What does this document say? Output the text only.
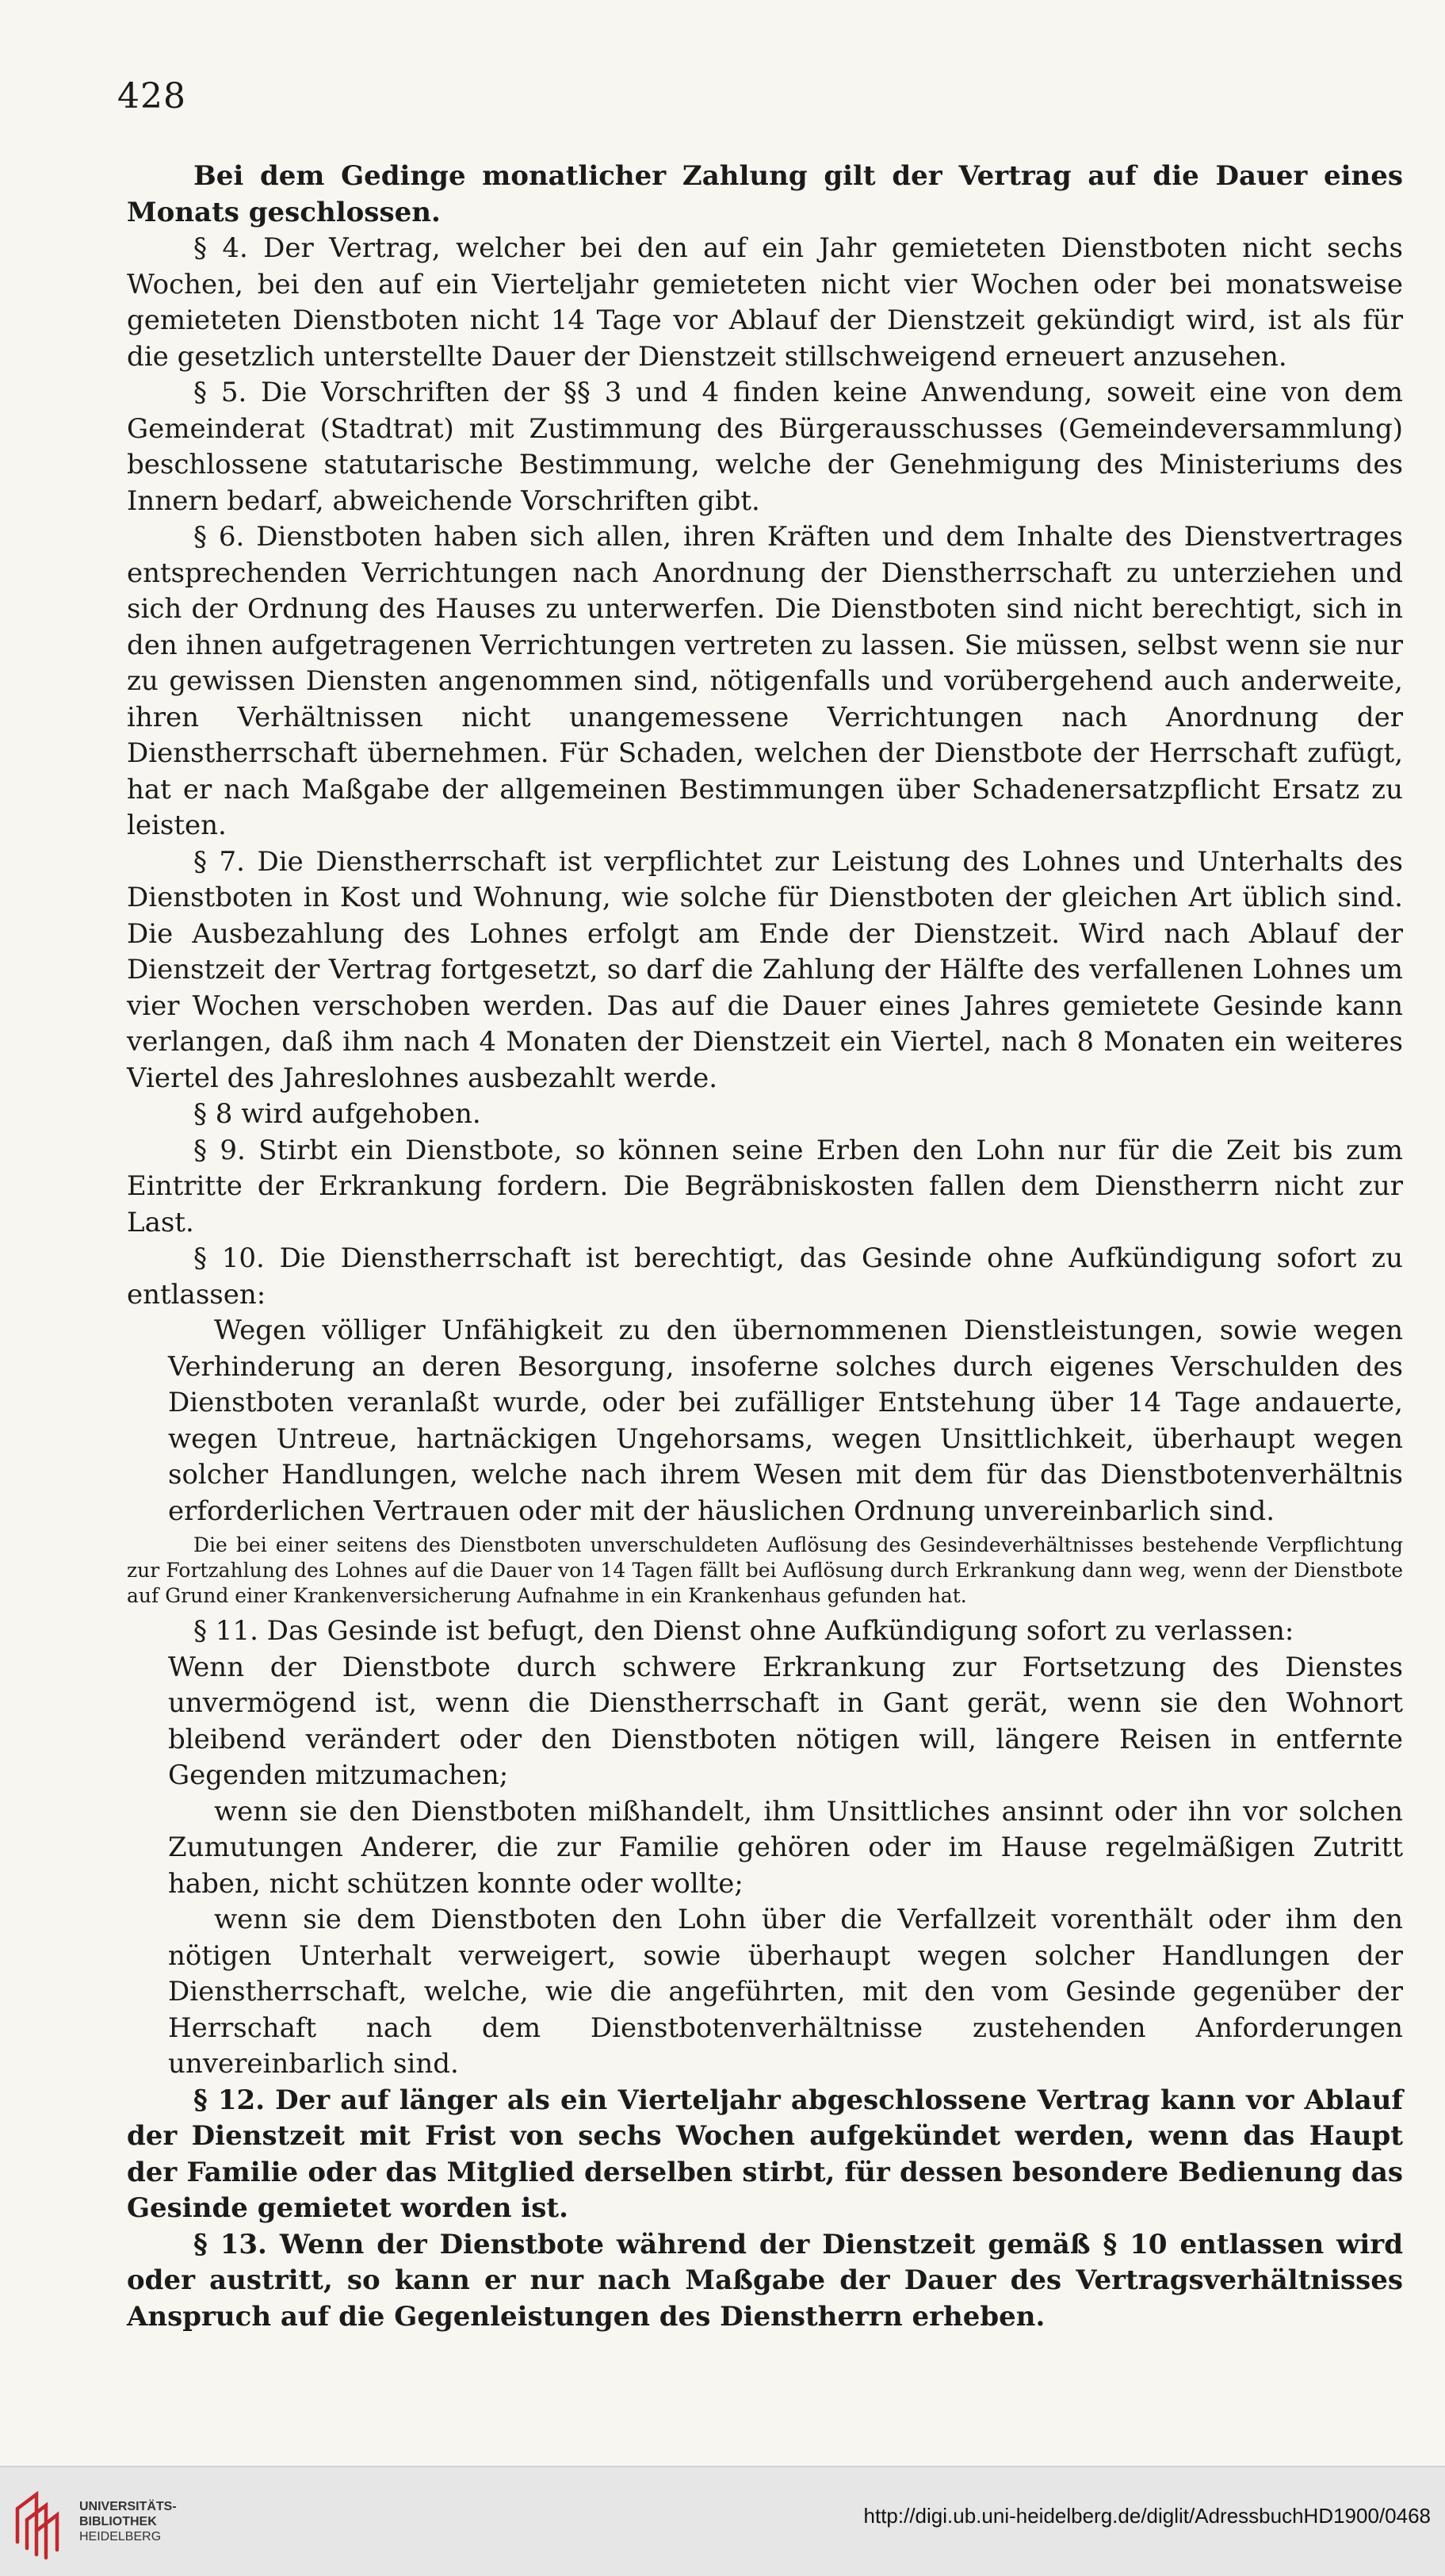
428

Bei dem Gedinge monatlicher Zahlung gilt der Vertrag auf die Dauer eines Monats geschlossen.

§ 4. Der Vertrag, welcher bei den auf ein Jahr gemieteten Dienstboten nicht sechs Wochen, bei den auf ein Vierteljahr gemieteten nicht vier Wochen oder bei monatsweise gemieteten Dienstboten nicht 14 Tage vor Ablauf der Dienstzeit gekündigt wird, ist als für die gesetzlich unterstellte Dauer der Dienstzeit stillschweigend erneuert anzusehen.

§ 5. Die Vorschriften der §§ 3 und 4 finden keine Anwendung, soweit eine von dem Gemeinderat (Stadtrat) mit Zustimmung des Bürgerausschusses (Gemeindeversammlung) beschlossene statutarische Bestimmung, welche der Genehmigung des Ministeriums des Innern bedarf, abweichende Vorschriften gibt.

§ 6. Dienstboten haben sich allen, ihren Kräften und dem Inhalte des Dienstvertrages entsprechenden Verrichtungen nach Anordnung der Dienstherrschaft zu unterziehen und sich der Ordnung des Hauses zu unterwerfen. Die Dienstboten sind nicht berechtigt, sich in den ihnen aufgetragenen Verrichtungen vertreten zu lassen. Sie müssen, selbst wenn sie nur zu gewissen Diensten angenommen sind, nötigenfalls und vorübergehend auch anderweite, ihren Verhältnissen nicht unangemessene Verrichtungen nach Anordnung der Dienstherrschaft übernehmen. Für Schaden, welchen der Dienstbote der Herrschaft zufügt, hat er nach Maßgabe der allgemeinen Bestimmungen über Schadenersatzpflicht Ersatz zu leisten.

§ 7. Die Dienstherrschaft ist verpflichtet zur Leistung des Lohnes und Unterhalts des Dienstboten in Kost und Wohnung, wie solche für Dienstboten der gleichen Art üblich sind. Die Ausbezahlung des Lohnes erfolgt am Ende der Dienstzeit. Wird nach Ablauf der Dienstzeit der Vertrag fortgesetzt, so darf die Zahlung der Hälfte des verfallenen Lohnes um vier Wochen verschoben werden. Das auf die Dauer eines Jahres gemietete Gesinde kann verlangen, daß ihm nach 4 Monaten der Dienstzeit ein Viertel, nach 8 Monaten ein weiteres Viertel des Jahreslohnes ausbezahlt werde.

§ 8 wird aufgehoben.

§ 9. Stirbt ein Dienstbote, so können seine Erben den Lohn nur für die Zeit bis zum Eintritte der Erkrankung fordern. Die Begräbniskosten fallen dem Dienstherrn nicht zur Last.

§ 10. Die Dienstherrschaft ist berechtigt, das Gesinde ohne Aufkündigung sofort zu entlassen:

Wegen völliger Unfähigkeit zu den übernommenen Dienstleistungen, sowie wegen Verhinderung an deren Besorgung, insoferne solches durch eigenes Verschulden des Dienstboten veranlaßt wurde, oder bei zufälliger Entstehung über 14 Tage andauerte, wegen Untreue, hartnäckigen Ungehorsams, wegen Unsittlichkeit, überhaupt wegen solcher Handlungen, welche nach ihrem Wesen mit dem für das Dienstbotenverhältnis erforderlichen Vertrauen oder mit der häuslichen Ordnung unvereinbarlich sind.

Die bei einer seitens des Dienstboten unverschuldeten Auflösung des Gesindeverhältnisses bestehende Verpflichtung zur Fortzahlung des Lohnes auf die Dauer von 14 Tagen fällt bei Auflösung durch Erkrankung dann weg, wenn der Dienstbote auf Grund einer Krankenversicherung Aufnahme in ein Krankenhaus gefunden hat.

§ 11. Das Gesinde ist befugt, den Dienst ohne Aufkündigung sofort zu verlassen:

Wenn der Dienstbote durch schwere Erkrankung zur Fortsetzung des Dienstes unvermögend ist, wenn die Dienstherrschaft in Gant gerät, wenn sie den Wohnort bleibend verändert oder den Dienstboten nötigen will, längere Reisen in entfernte Gegenden mitzumachen;

wenn sie den Dienstboten mißhandelt, ihm Unsittliches ansinnt oder ihn vor solchen Zumutungen Anderer, die zur Familie gehören oder im Hause regelmäßigen Zutritt haben, nicht schützen konnte oder wollte;

wenn sie dem Dienstboten den Lohn über die Verfallzeit vorenthält oder ihm den nötigen Unterhalt verweigert, sowie überhaupt wegen solcher Handlungen der Dienstherrschaft, welche, wie die angeführten, mit den vom Gesinde gegenüber der Herrschaft nach dem Dienstbotenverhältnisse zustehenden Anforderungen unvereinbarlich sind.

§ 12. Der auf länger als ein Vierteljahr abgeschlossene Vertrag kann vor Ablauf der Dienstzeit mit Frist von sechs Wochen aufgekündet werden, wenn das Haupt der Familie oder das Mitglied derselben stirbt, für dessen besondere Bedienung das Gesinde gemietet worden ist.

§ 13. Wenn der Dienstbote während der Dienstzeit gemäß § 10 entlassen wird oder austritt, so kann er nur nach Maßgabe der Dauer des Vertragsverhältnisses Anspruch auf die Gegenleistungen des Dienstherrn erheben.

UNIVERSITÄTS-
BIBLIOTHEK
HEIDELBERG
http://digi.ub.uni-heidelberg.de/diglit/AdressbuchHD1900/0468
